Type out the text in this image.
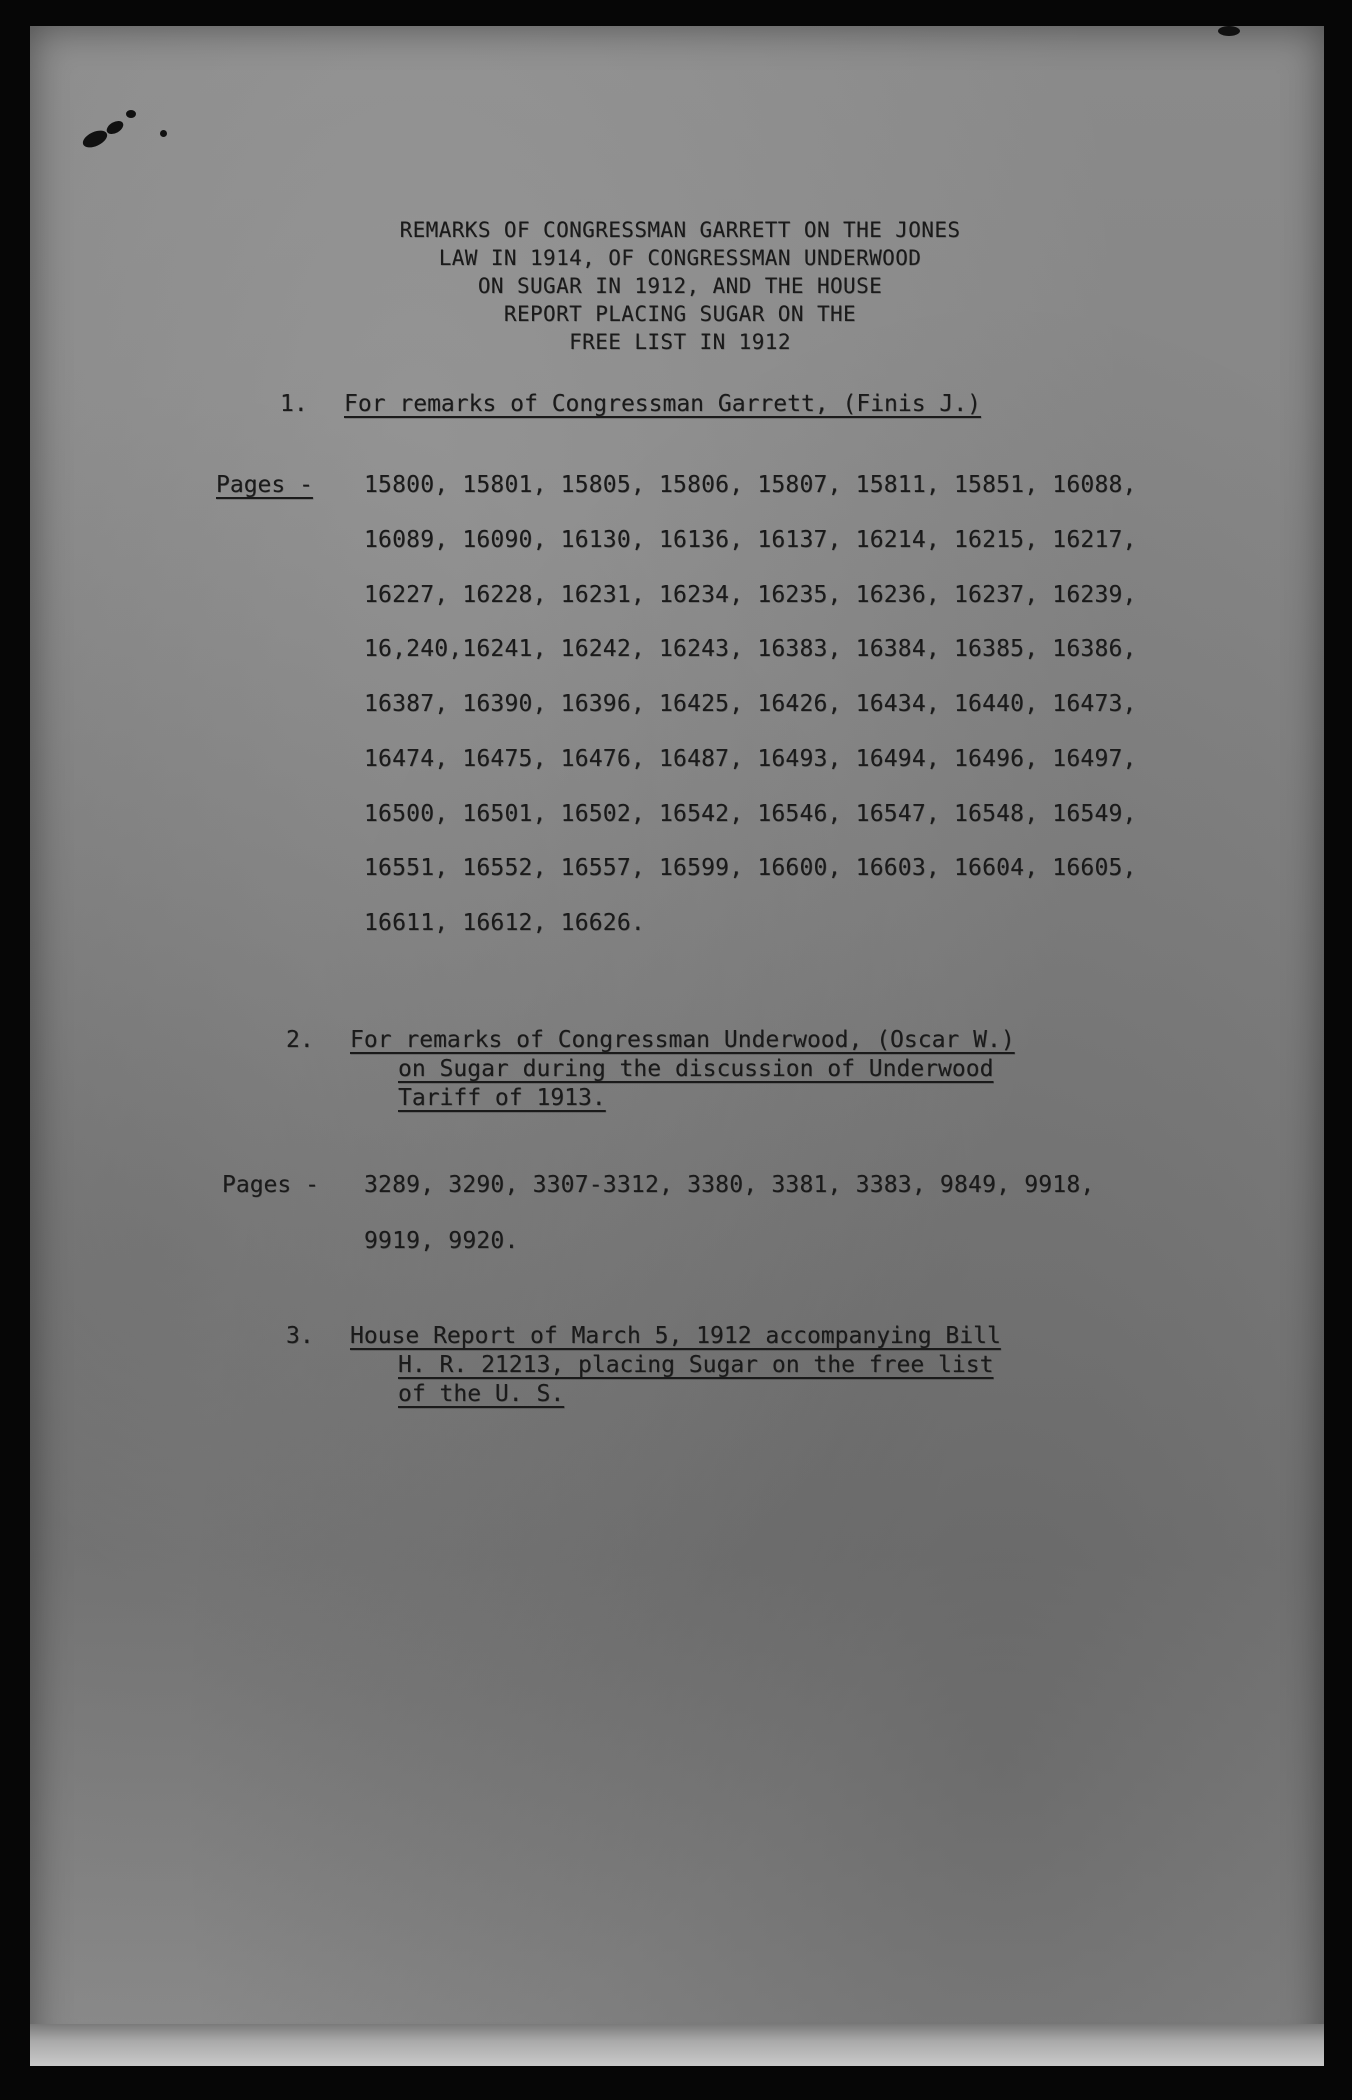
REMARKS OF CONGRESSMAN GARRETT ON THE JONES
LAW IN 1914, OF CONGRESSMAN UNDERWOOD
ON SUGAR IN 1912, AND THE HOUSE
REPORT PLACING SUGAR ON THE
FREE LIST IN 1912
1. For remarks of Congressman Garrett, (Finis J.)
Pages - 15800, 15801, 15805, 15806, 15807, 15811, 15851, 16088,
16089, 16090, 16130, 16136, 16137, 16214, 16215, 16217,
16227, 16228, 16231, 16234, 16235, 16236, 16237, 16239,
16,240,16241, 16242, 16243, 16383, 16384, 16385, 16386,
16387, 16390, 16396, 16425, 16426, 16434, 16440, 16473,
16474, 16475, 16476, 16487, 16493, 16494, 16496, 16497,
16500, 16501, 16502, 16542, 16546, 16547, 16548, 16549,
16551, 16552, 16557, 16599, 16600, 16603, 16604, 16605,
16611, 16612, 16626.
2. For remarks of Congressman Underwood, (Oscar W.)
on Sugar during the discussion of Underwood
Tariff of 1913.
Pages - 3289, 3290, 3307-3312, 3380, 3381, 3383, 9849, 9918,
9919, 9920.
3. House Report of March 5, 1912 accompanying Bill
H. R. 21213, placing Sugar on the free list
of the U. S.
